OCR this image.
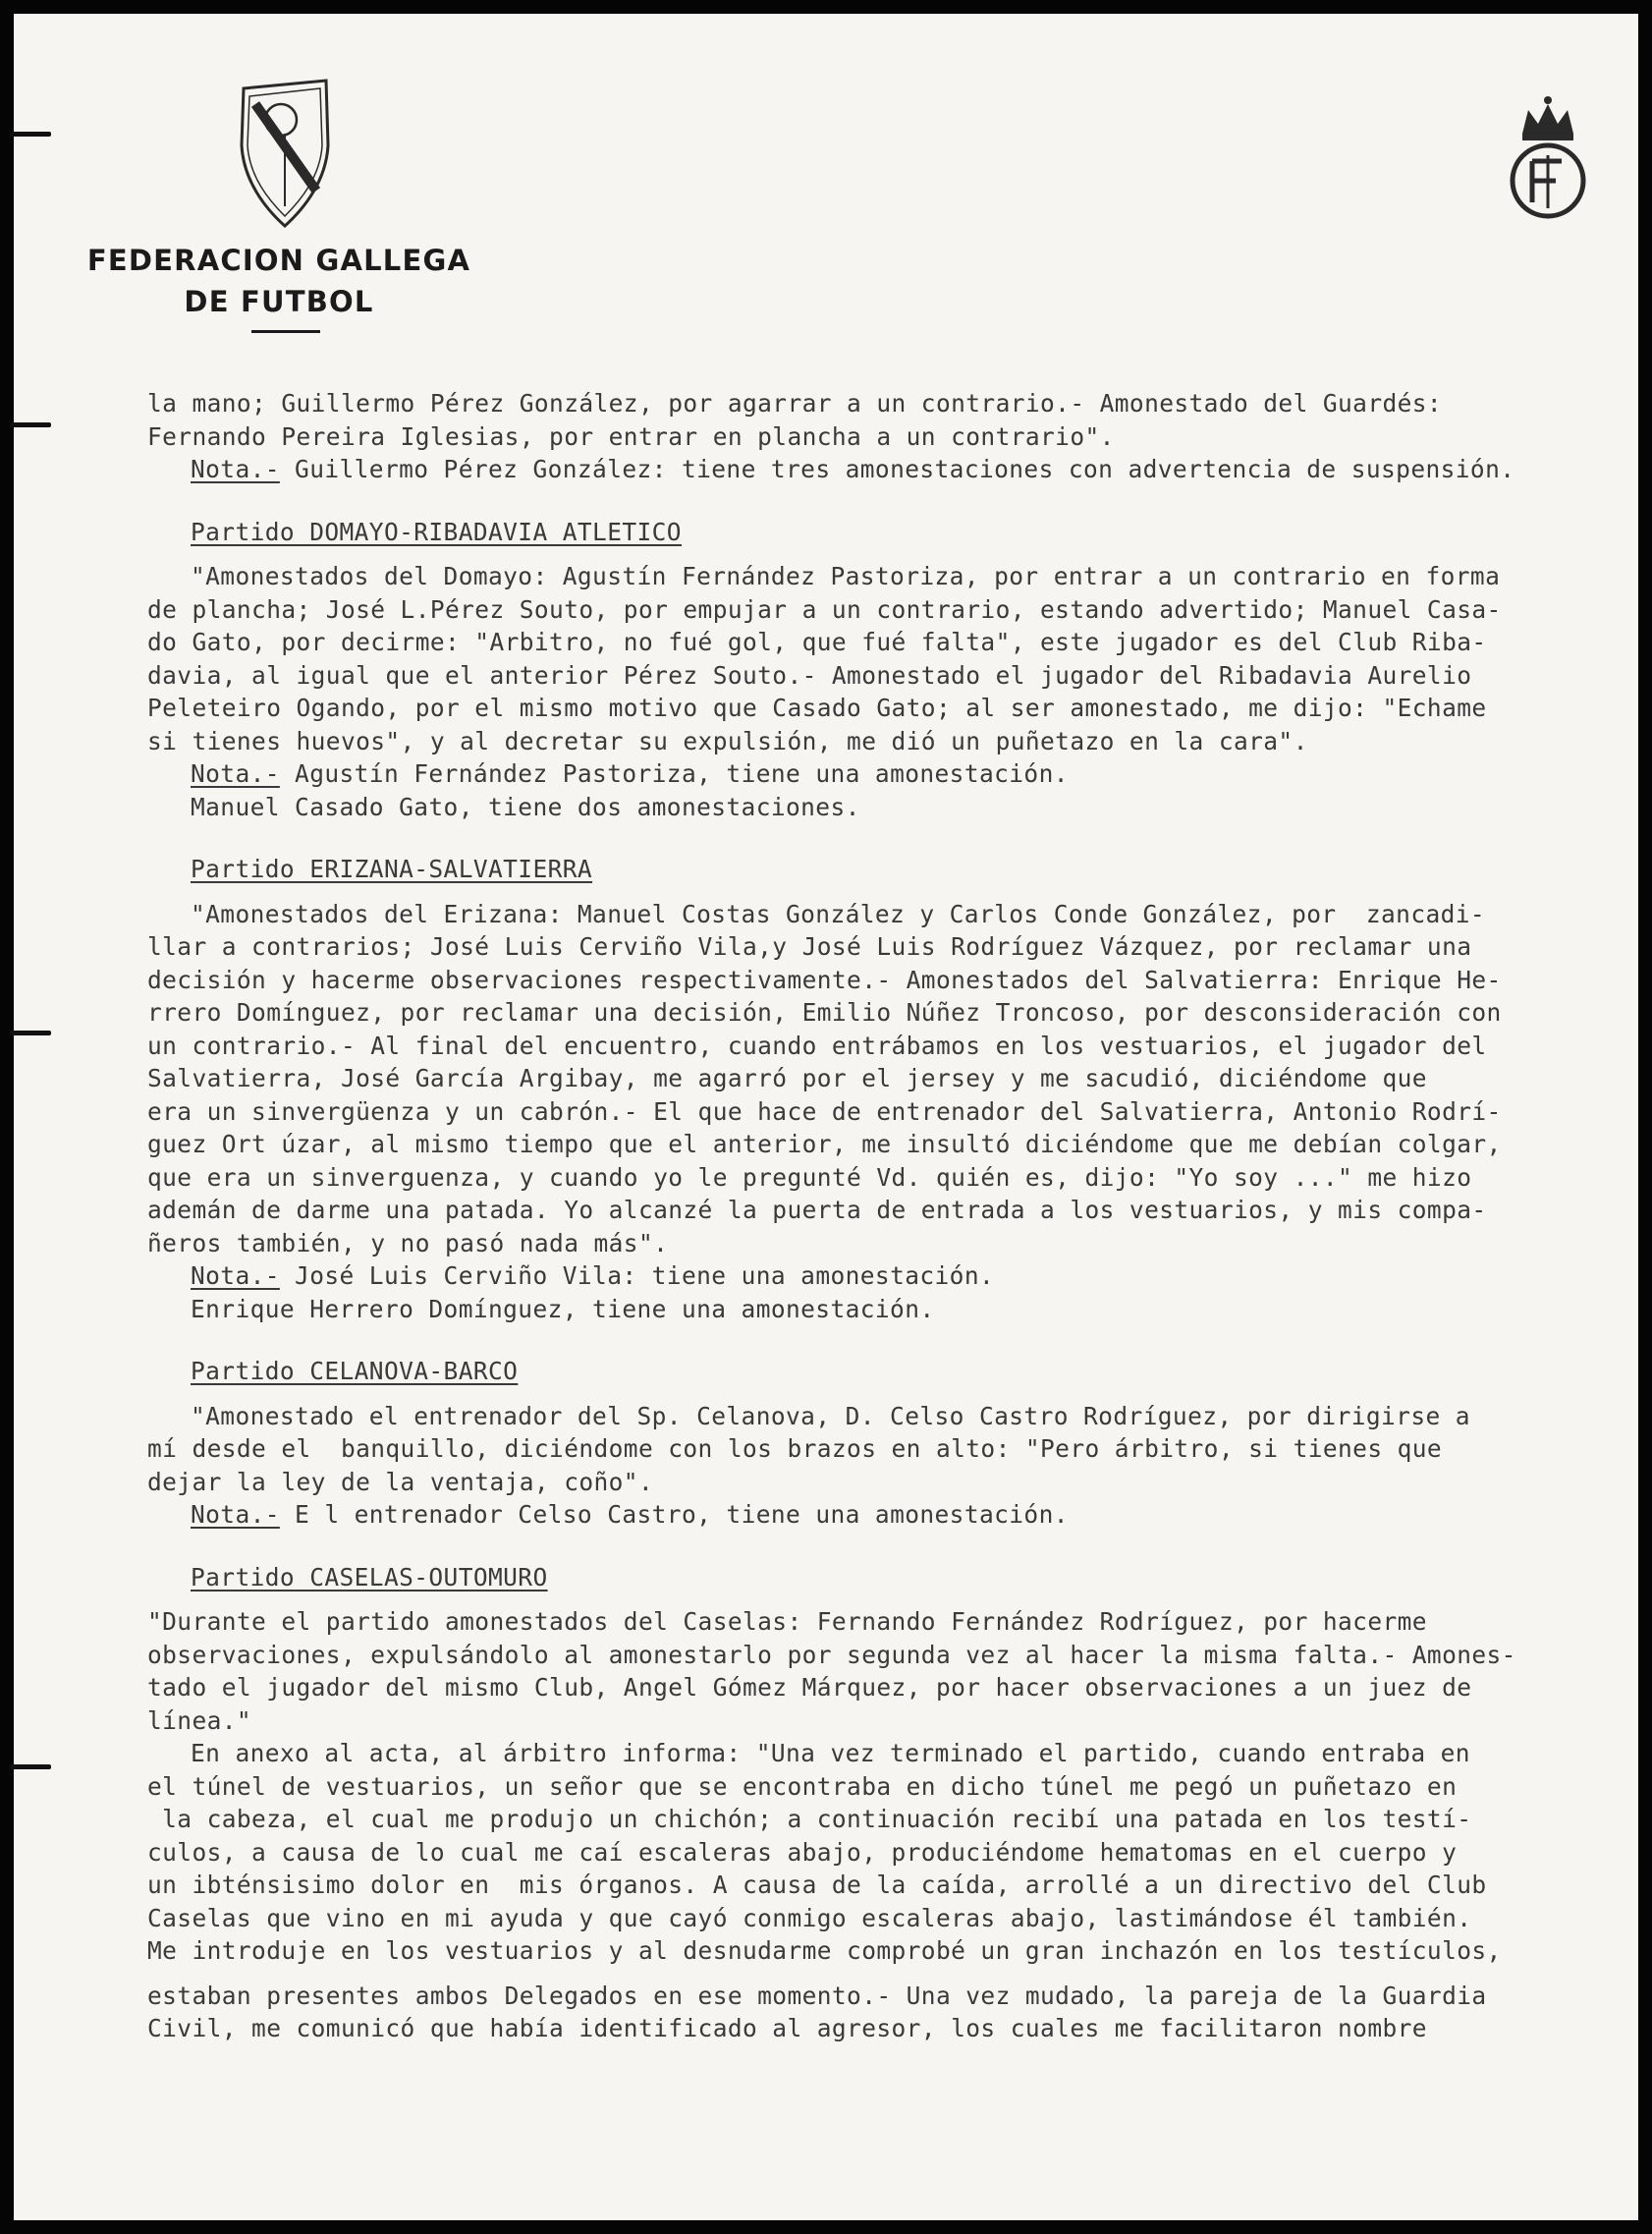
FEDERACION GALLEGA
DE FUTBOL
la mano; Guillermo Pérez González, por agarrar a un contrario.- Amonestado del Guardés:
Fernando Pereira Iglesias, por entrar en plancha a un contrario".
Nota.- Guillermo Pérez González: tiene tres amonestaciones con advertencia de suspensión.
Partido DOMAYO-RIBADAVIA ATLETICO
"Amonestados del Domayo: Agustín Fernández Pastoriza, por entrar a un contrario en forma
de plancha; José L.Pérez Souto, por empujar a un contrario, estando advertido; Manuel Casa-
do Gato, por decirme: "Arbitro, no fué gol, que fué falta", este jugador es del Club Riba-
davia, al igual que el anterior Pérez Souto.- Amonestado el jugador del Ribadavia Aurelio
Peleteiro Ogando, por el mismo motivo que Casado Gato; al ser amonestado, me dijo: "Echame
si tienes huevos", y al decretar su expulsión, me dió un puñetazo en la cara".
Nota.- Agustín Fernández Pastoriza, tiene una amonestación.
Manuel Casado Gato, tiene dos amonestaciones.
Partido ERIZANA-SALVATIERRA
"Amonestados del Erizana: Manuel Costas González y Carlos Conde González, por  zancadi-
llar a contrarios; José Luis Cerviño Vila,y José Luis Rodríguez Vázquez, por reclamar una
decisión y hacerme observaciones respectivamente.- Amonestados del Salvatierra: Enrique He-
rrero Domínguez, por reclamar una decisión, Emilio Núñez Troncoso, por desconsideración con
un contrario.- Al final del encuentro, cuando entrábamos en los vestuarios, el jugador del
Salvatierra, José García Argibay, me agarró por el jersey y me sacudió, diciéndome que
era un sinvergüenza y un cabrón.- El que hace de entrenador del Salvatierra, Antonio Rodrí-
guez Ort úzar, al mismo tiempo que el anterior, me insultó diciéndome que me debían colgar,
que era un sinverguenza, y cuando yo le pregunté Vd. quién es, dijo: "Yo soy ..." me hizo
ademán de darme una patada. Yo alcanzé la puerta de entrada a los vestuarios, y mis compa-
ñeros también, y no pasó nada más".
Nota.- José Luis Cerviño Vila: tiene una amonestación.
Enrique Herrero Domínguez, tiene una amonestación.
Partido CELANOVA-BARCO
"Amonestado el entrenador del Sp. Celanova, D. Celso Castro Rodríguez, por dirigirse a
mí desde el  banquillo, diciéndome con los brazos en alto: "Pero árbitro, si tienes que
dejar la ley de la ventaja, coño".
Nota.- E l entrenador Celso Castro, tiene una amonestación.
Partido CASELAS-OUTOMURO
"Durante el partido amonestados del Caselas: Fernando Fernández Rodríguez, por hacerme
observaciones, expulsándolo al amonestarlo por segunda vez al hacer la misma falta.- Amones-
tado el jugador del mismo Club, Angel Gómez Márquez, por hacer observaciones a un juez de
línea."
En anexo al acta, al árbitro informa: "Una vez terminado el partido, cuando entraba en
el túnel de vestuarios, un señor que se encontraba en dicho túnel me pegó un puñetazo en
la cabeza, el cual me produjo un chichón; a continuación recibí una patada en los testí-
culos, a causa de lo cual me caí escaleras abajo, produciéndome hematomas en el cuerpo y
un ibténsisimo dolor en  mis órganos. A causa de la caída, arrollé a un directivo del Club
Caselas que vino en mi ayuda y que cayó conmigo escaleras abajo, lastimándose él también.
Me introduje en los vestuarios y al desnudarme comprobé un gran inchazón en los testículos,
estaban presentes ambos Delegados en ese momento.- Una vez mudado, la pareja de la Guardia
Civil, me comunicó que había identificado al agresor, los cuales me facilitaron nombre
